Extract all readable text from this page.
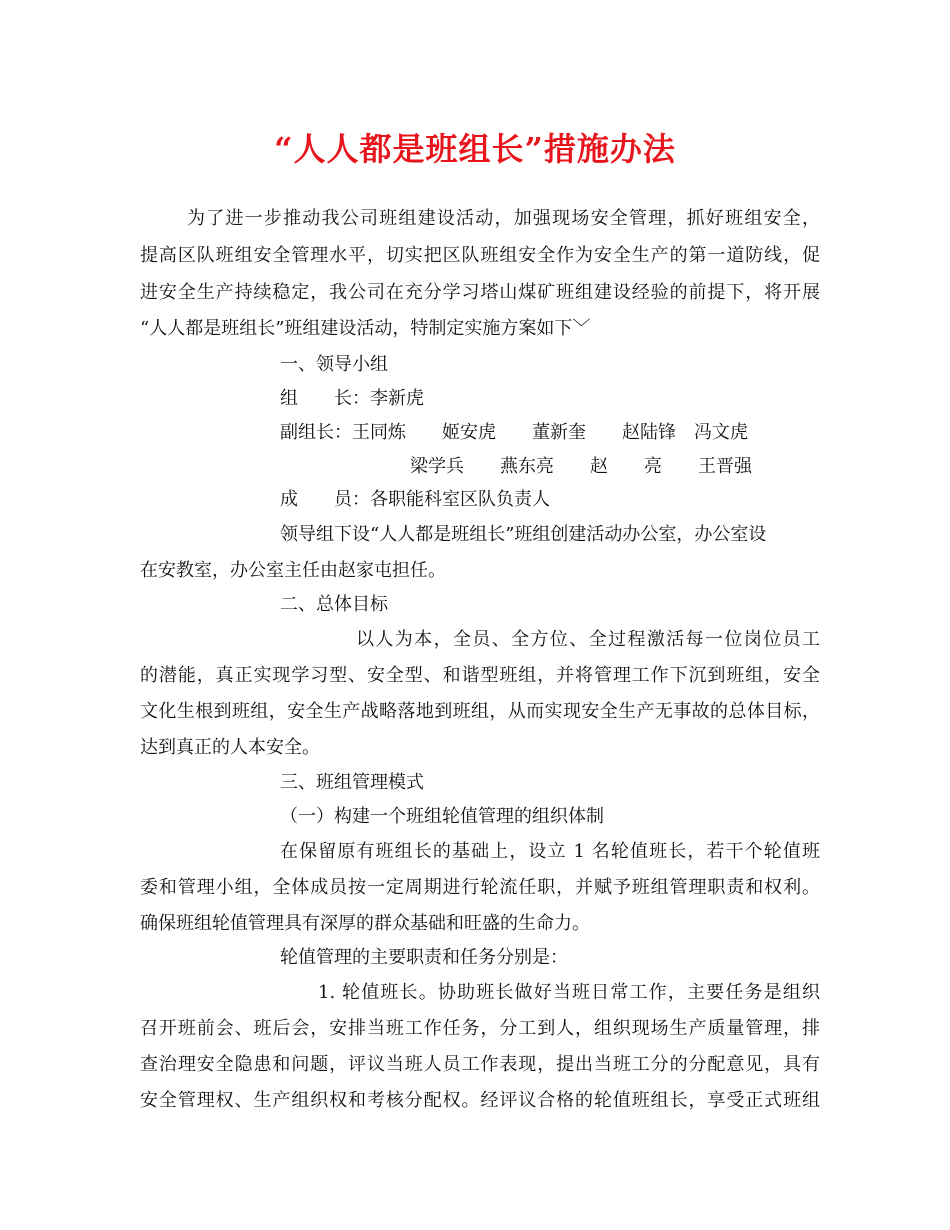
“人人都是班组长”措施办法

为了进一步推动我公司班组建设活动，加强现场安全管理，抓好班组安全，

提高区队班组安全管理水平，切实把区队班组安全作为安全生产的第一道防线，促

进安全生产持续稳定，我公司在充分学习塔山煤矿班组建设经验的前提下，将开展

“人人都是班组长”班组建设活动，特制定实施方案如下﹀

一、领导小组

组　　长：李新虎

副组长：王同炼　　姬安虎　　董新奎　　赵陆锋　冯文虎

梁学兵　　燕东亮　　赵　　亮　　王晋强

成　　员：各职能科室区队负责人

领导组下设“人人都是班组长”班组创建活动办公室，办公室设

在安教室，办公室主任由赵家屯担任。

二、总体目标

以人为本，全员、全方位、全过程激活每一位岗位员工

的潜能，真正实现学习型、安全型、和谐型班组，并将管理工作下沉到班组，安全

文化生根到班组，安全生产战略落地到班组，从而实现安全生产无事故的总体目标，

达到真正的人本安全。

三、班组管理模式

（一）构建一个班组轮值管理的组织体制

在保留原有班组长的基础上，设立 1 名轮值班长，若干个轮值班

委和管理小组，全体成员按一定周期进行轮流任职，并赋予班组管理职责和权利。

确保班组轮值管理具有深厚的群众基础和旺盛的生命力。

轮值管理的主要职责和任务分别是：

1. 轮值班长。协助班长做好当班日常工作，主要任务是组织

召开班前会、班后会，安排当班工作任务，分工到人，组织现场生产质量管理，排

查治理安全隐患和问题，评议当班人员工作表现，提出当班工分的分配意见，具有

安全管理权、生产组织权和考核分配权。经评议合格的轮值班组长，享受正式班组
